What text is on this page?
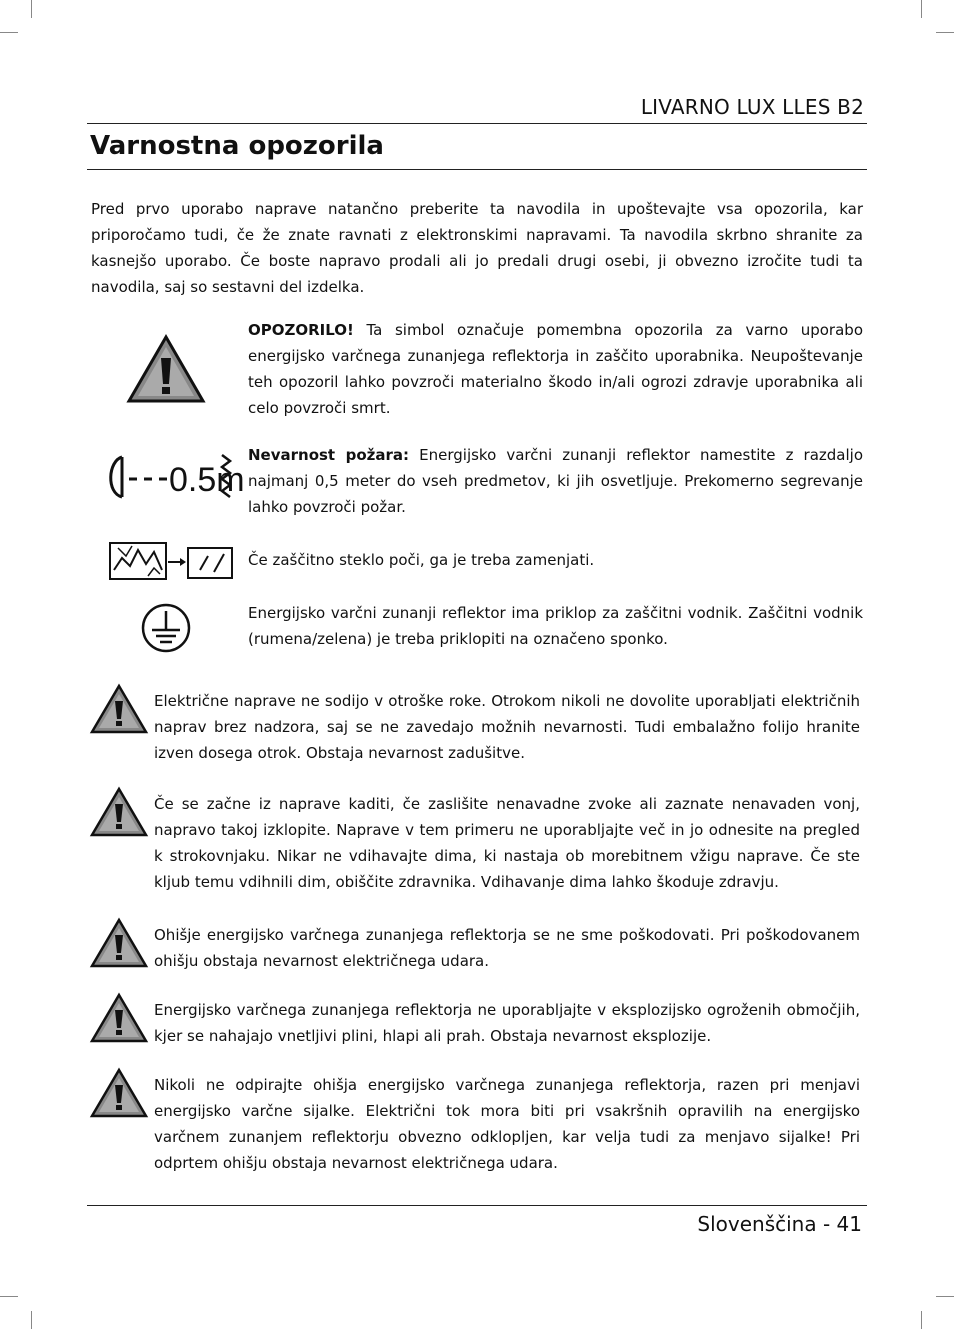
LIVARNO LUX LLES B2
Varnostna opozorila

Pred prvo uporabo naprave natančno preberite ta navodila in upoštevajte vsa opozorila, kar priporočamo tudi, če že znate ravnati z elektronskimi napravami. Ta navodila skrbno shranite za kasnejšo uporabo. Če boste napravo prodali ali jo predali drugi osebi, ji obvezno izročite tudi ta navodila, saj so sestavni del izdelka.

OPOZORILO! Ta simbol označuje pomembna opozorila za varno uporabo energijsko varčnega zunanjega reflektorja in zaščito uporabnika. Neupoštevanje teh opozoril lahko povzroči materialno škodo in/ali ogrozi zdravje uporabnika ali celo povzroči smrt.

0.5m

Nevarnost požara: Energijsko varčni zunanji reflektor namestite z razdaljo najmanj 0,5 meter do vseh predmetov, ki jih osvetljuje. Prekomerno segrevanje lahko povzroči požar.

Če zaščitno steklo poči, ga je treba zamenjati.

Energijsko varčni zunanji reflektor ima priklop za zaščitni vodnik. Zaščitni vodnik (rumena/zelena) je treba priklopiti na označeno sponko.

Električne naprave ne sodijo v otroške roke. Otrokom nikoli ne dovolite uporabljati električnih naprav brez nadzora, saj se ne zavedajo možnih nevarnosti. Tudi embalažno folijo hranite izven dosega otrok. Obstaja nevarnost zadušitve.

Če se začne iz naprave kaditi, če zaslišite nenavadne zvoke ali zaznate nenavaden vonj, napravo takoj izklopite. Naprave v tem primeru ne uporabljajte več in jo odnesite na pregled k strokovnjaku. Nikar ne vdihavajte dima, ki nastaja ob morebitnem vžigu naprave. Če ste kljub temu vdihnili dim, obiščite zdravnika. Vdihavanje dima lahko škoduje zdravju.

Ohišje energijsko varčnega zunanjega reflektorja se ne sme poškodovati. Pri poškodovanem ohišju obstaja nevarnost električnega udara.

Energijsko varčnega zunanjega reflektorja ne uporabljajte v eksplozijsko ogroženih območjih, kjer se nahajajo vnetljivi plini, hlapi ali prah. Obstaja nevarnost eksplozije.

Nikoli ne odpirajte ohišja energijsko varčnega zunanjega reflektorja, razen pri menjavi energijsko varčne sijalke. Električni tok mora biti pri vsakršnih opravilih na energijsko varčnem zunanjem reflektorju obvezno odklopljen, kar velja tudi za menjavo sijalke! Pri odprtem ohišju obstaja nevarnost električnega udara.

Slovenščina - 41
